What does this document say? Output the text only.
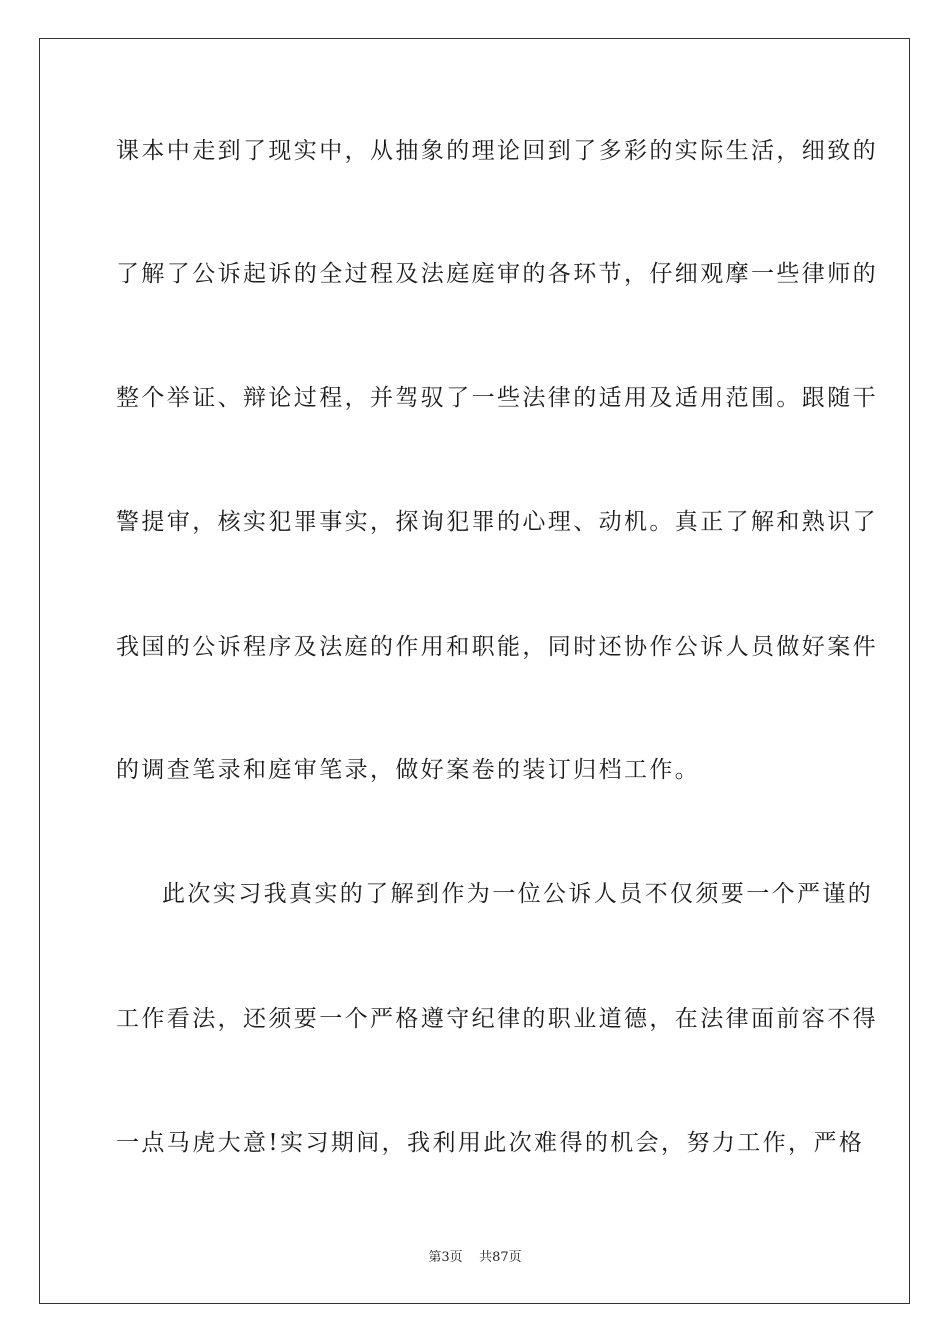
课本中走到了现实中，从抽象的理论回到了多彩的实际生活，细致的
了解了公诉起诉的全过程及法庭庭审的各环节，仔细观摩一些律师的
整个举证、辩论过程，并驾驭了一些法律的适用及适用范围。跟随干
警提审，核实犯罪事实，探询犯罪的心理、动机。真正了解和熟识了
我国的公诉程序及法庭的作用和职能，同时还协作公诉人员做好案件
的调查笔录和庭审笔录，做好案卷的装订归档工作。
此次实习我真实的了解到作为一位公诉人员不仅须要一个严谨的
工作看法，还须要一个严格遵守纪律的职业道德，在法律面前容不得
一点马虎大意!实习期间，我利用此次难得的机会，努力工作，严格
第3页 共87页
